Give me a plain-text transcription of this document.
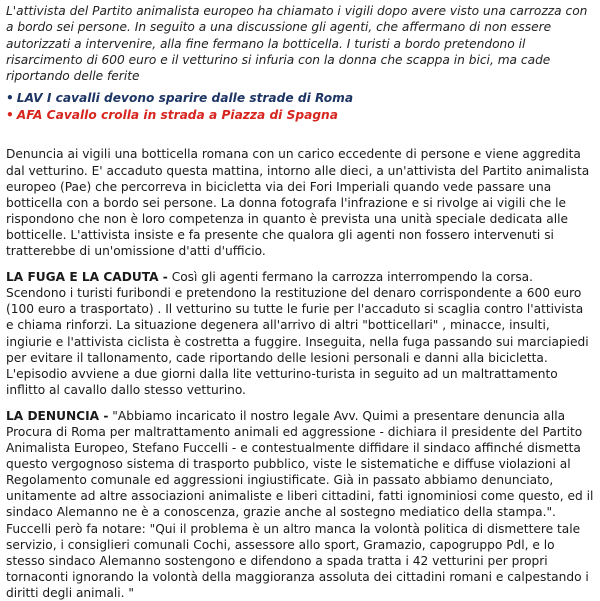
L'attivista del Partito animalista europeo ha chiamato i vigili dopo avere visto una carrozza con a bordo sei persone. In seguito a una discussione gli agenti, che affermano di non essere autorizzati a intervenire, alla fine fermano la botticella. I turisti a bordo pretendono il risarcimento di 600 euro e il vetturino si infuria con la donna che scappa in bici, ma cade riportando delle ferite

• LAV I cavalli devono sparire dalle strade di Roma
• AFA Cavallo crolla in strada a Piazza di Spagna

Denuncia ai vigili una botticella romana con un carico eccedente di persone e viene aggredita dal vetturino. E' accaduto questa mattina, intorno alle dieci, a un'attivista del Partito animalista europeo (Pae) che percorreva in bicicletta via dei Fori Imperiali quando vede passare una botticella con a bordo sei persone. La donna fotografa l'infrazione e si rivolge ai vigili che le rispondono che non è loro competenza in quanto è prevista una unità speciale dedicata alle botticelle. L'attivista insiste e fa presente che qualora gli agenti non fossero intervenuti si tratterebbe di un'omissione d'atti d'ufficio.

LA FUGA E LA CADUTA - Così gli agenti fermano la carrozza interrompendo la corsa. Scendono i turisti furibondi e pretendono la restituzione del denaro corrispondente a 600 euro (100 euro a trasportato) . Il vetturino su tutte le furie per l'accaduto si scaglia contro l'attivista e chiama rinforzi. La situazione degenera all'arrivo di altri "botticellari" , minacce, insulti, ingiurie e l'attivista ciclista è costretta a fuggire. Inseguita, nella fuga passando sui marciapiedi per evitare il tallonamento, cade riportando delle lesioni personali e danni alla bicicletta. L'episodio avviene a due giorni dalla lite vetturino-turista in seguito ad un maltrattamento inflitto al cavallo dallo stesso vetturino.

LA DENUNCIA - "Abbiamo incaricato il nostro legale Avv. Quimi a presentare denuncia alla Procura di Roma per maltrattamento animali ed aggressione - dichiara il presidente del Partito Animalista Europeo, Stefano Fuccelli - e contestualmente diffidare il sindaco affinché dismetta questo vergognoso sistema di trasporto pubblico, viste le sistematiche e diffuse violazioni al Regolamento comunale ed aggressioni ingiustificate. Già in passato abbiamo denunciato, unitamente ad altre associazioni animaliste e liberi cittadini, fatti ignominiosi come questo, ed il sindaco Alemanno ne è a conoscenza, grazie anche al sostegno mediatico della stampa.". Fuccelli però fa notare: "Qui il problema è un altro manca la volontà politica di dismettere tale servizio, i consiglieri comunali Cochi, assessore allo sport, Gramazio, capogruppo Pdl, e lo stesso sindaco Alemanno sostengono e difendono a spada tratta i 42 vetturini per propri tornaconti ignorando la volontà della maggioranza assoluta dei cittadini romani e calpestando i diritti degli animali. "
